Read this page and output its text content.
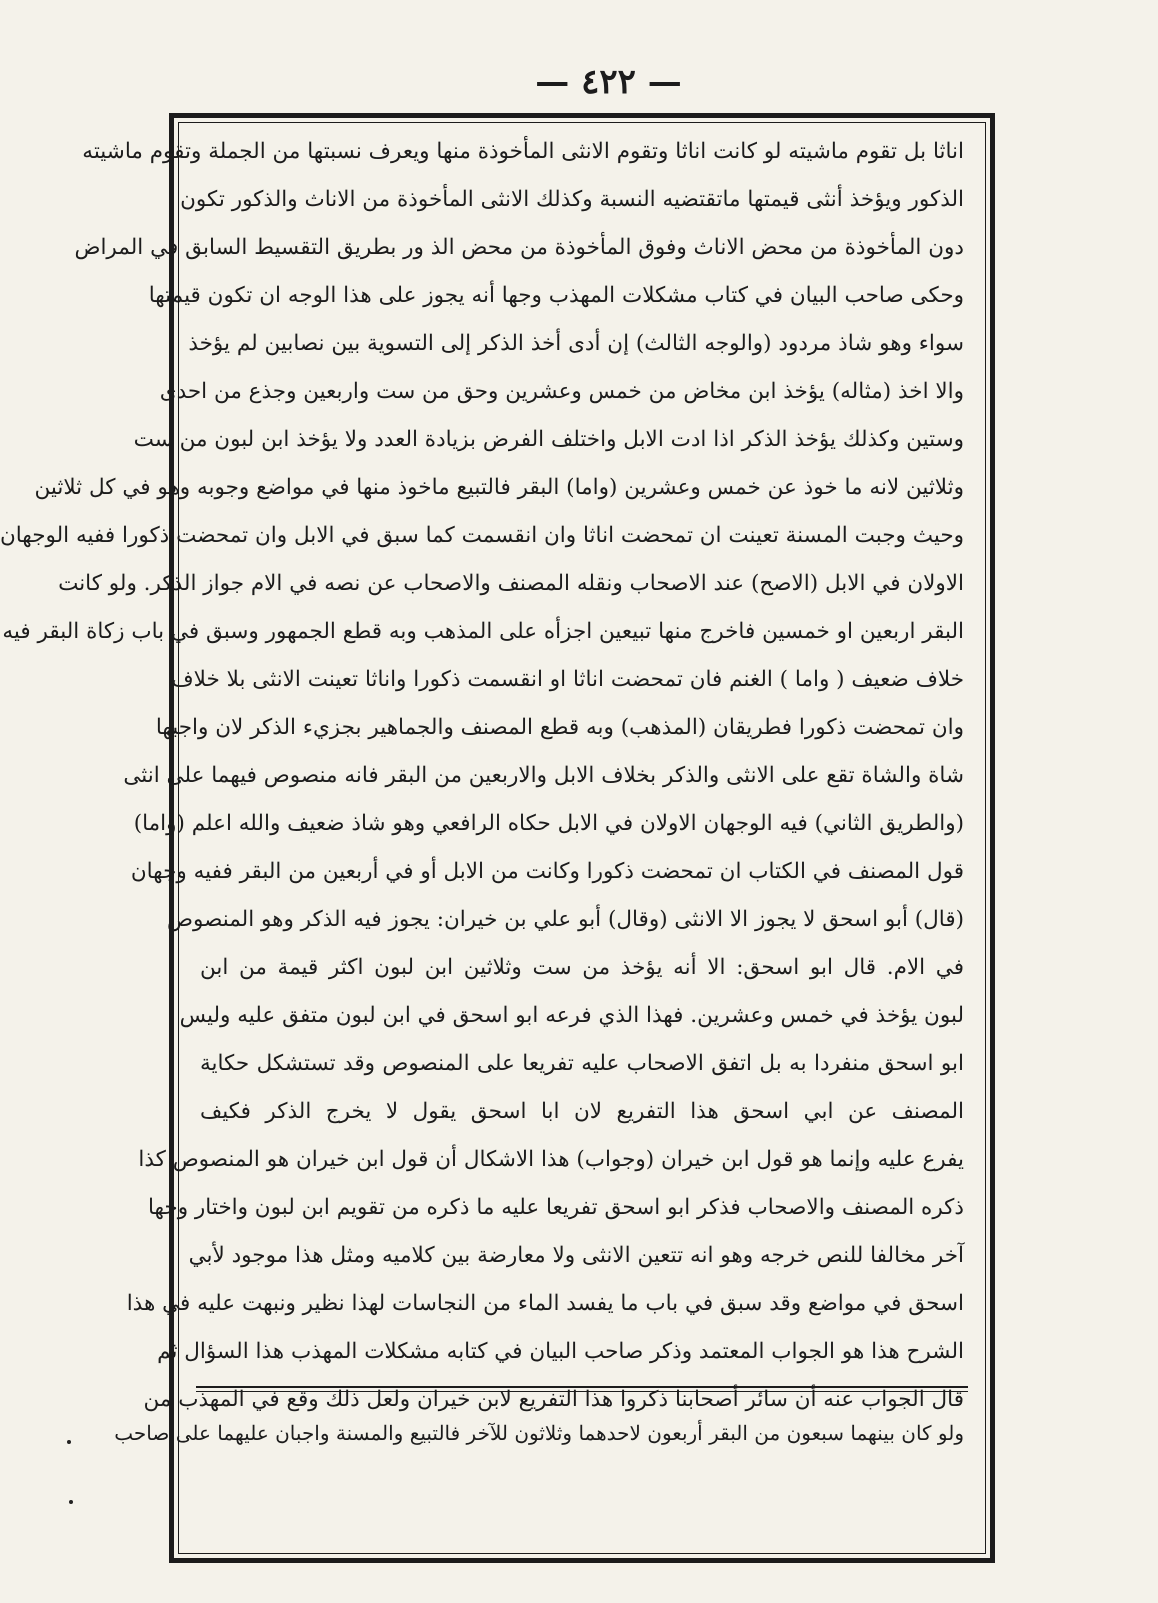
— ٤٢٢ —
اناثا بل تقوم ماشيته لو كانت اناثا وتقوم الانثى المأخوذة منها ويعرف نسبتها من الجملة وتقوم ماشيته
الذكور ويؤخذ أنثى قيمتها ماتقتضيه النسبة وكذلك الانثى المأخوذة من الاناث والذكور تكون
دون المأخوذة من محض الاناث وفوق المأخوذة من محض الذ ور بطريق التقسيط السابق في المراض
وحكى صاحب البيان في كتاب مشكلات المهذب وجها أنه يجوز على هذا الوجه ان تكون قيمتها
سواء وهو شاذ مردود (والوجه الثالث) إن أدى أخذ الذكر إلى التسوية بين نصابين لم يؤخذ
والا اخذ (مثاله) يؤخذ ابن مخاض من خمس وعشرين وحق من ست واربعين وجذع من احدى
وستين وكذلك يؤخذ الذكر اذا ادت الابل واختلف الفرض بزيادة العدد ولا يؤخذ ابن لبون من ست
وثلاثين لانه ما خوذ عن خمس وعشرين (واما) البقر فالتبيع ماخوذ منها في مواضع وجوبه وهو في كل ثلاثين
وحيث وجبت المسنة تعينت ان تمحضت اناثا وان انقسمت كما سبق في الابل وان تمحضت ذكورا ففيه الوجهان
الاولان في الابل (الاصح) عند الاصحاب ونقله المصنف والاصحاب عن نصه في الام جواز الذكر. ولو كانت
البقر اربعين او خمسين فاخرج منها تبيعين اجزأه على المذهب وبه قطع الجمهور وسبق في باب زكاة البقر فيه
خلاف ضعيف ( واما ) الغنم فان تمحضت اناثا او انقسمت ذكورا واناثا تعينت الانثى بلا خلاف
وان تمحضت ذكورا فطريقان (المذهب) وبه قطع المصنف والجماهير بجزيء الذكر لان واجبها
شاة والشاة تقع على الانثى والذكر بخلاف الابل والاربعين من البقر فانه منصوص فيهما على انثى
(والطريق الثاني) فيه الوجهان الاولان في الابل حكاه الرافعي وهو شاذ ضعيف والله اعلم (واما)
قول المصنف في الكتاب ان تمحضت ذكورا وكانت من الابل أو في أربعين من البقر ففيه وجهان
(قال) أبو اسحق لا يجوز الا الانثى (وقال) أبو علي بن خيران: يجوز فيه الذكر وهو المنصوص
في الام. قال ابو اسحق: الا أنه يؤخذ من ست وثلاثين ابن لبون اكثر قيمة من ابن
لبون يؤخذ في خمس وعشرين. فهذا الذي فرعه ابو اسحق في ابن لبون متفق عليه وليس
ابو اسحق منفردا به بل اتفق الاصحاب عليه تفريعا على المنصوص وقد تستشكل حكاية
المصنف عن ابي اسحق هذا التفريع لان ابا اسحق يقول لا يخرج الذكر فكيف
يفرع عليه وإنما هو قول ابن خيران (وجواب) هذا الاشكال أن قول ابن خيران هو المنصوص كذا
ذكره المصنف والاصحاب فذكر ابو اسحق تفريعا عليه ما ذكره من تقويم ابن لبون واختار وجها
آخر مخالفا للنص خرجه وهو انه تتعين الانثى ولا معارضة بين كلاميه ومثل هذا موجود لأبي
اسحق في مواضع وقد سبق في باب ما يفسد الماء من النجاسات لهذا نظير ونبهت عليه في هذا
الشرح هذا هو الجواب المعتمد وذكر صاحب البيان في كتابه مشكلات المهذب هذا السؤال ثم
قال الجواب عنه أن سائر أصحابنا ذكروا هذا التفريع لابن خيران ولعل ذلك وقع في المهذب من
ولو كان بينهما سبعون من البقر أربعون لاحدهما وثلاثون للآخر فالتبيع والمسنة واجبان عليهما على صاحب
